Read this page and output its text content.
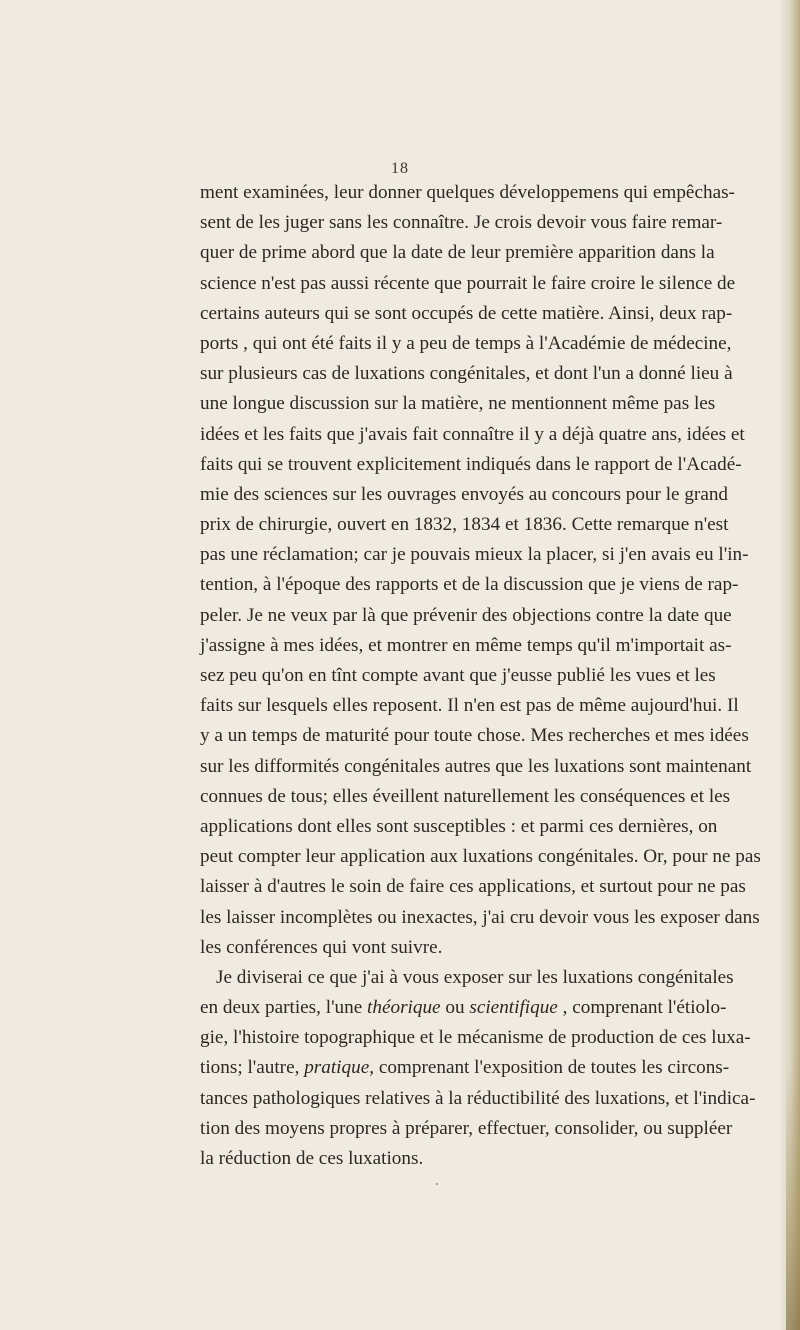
18
ment examinées, leur donner quelques développemens qui empêchas-
sent de les juger sans les connaître. Je crois devoir vous faire remar-
quer de prime abord que la date de leur première apparition dans la
science n'est pas aussi récente que pourrait le faire croire le silence de
certains auteurs qui se sont occupés de cette matière. Ainsi, deux rap-
ports , qui ont été faits il y a peu de temps à l'Académie de médecine,
sur plusieurs cas de luxations congénitales, et dont l'un a donné lieu à
une longue discussion sur la matière, ne mentionnent même pas les
idées et les faits que j'avais fait connaître il y a déjà quatre ans, idées et
faits qui se trouvent explicitement indiqués dans le rapport de l'Acadé-
mie des sciences sur les ouvrages envoyés au concours pour le grand
prix de chirurgie, ouvert en 1832, 1834 et 1836. Cette remarque n'est
pas une réclamation; car je pouvais mieux la placer, si j'en avais eu l'in-
tention, à l'époque des rapports et de la discussion que je viens de rap-
peler. Je ne veux par là que prévenir des objections contre la date que
j'assigne à mes idées, et montrer en même temps qu'il m'importait as-
sez peu qu'on en tînt compte avant que j'eusse publié les vues et les
faits sur lesquels elles reposent. Il n'en est pas de même aujourd'hui. Il
y a un temps de maturité pour toute chose. Mes recherches et mes idées
sur les difformités congénitales autres que les luxations sont maintenant
connues de tous; elles éveillent naturellement les conséquences et les
applications dont elles sont susceptibles : et parmi ces dernières, on
peut compter leur application aux luxations congénitales. Or, pour ne pas
laisser à d'autres le soin de faire ces applications, et surtout pour ne pas
les laisser incomplètes ou inexactes, j'ai cru devoir vous les exposer dans
les conférences qui vont suivre.
Je diviserai ce que j'ai à vous exposer sur les luxations congénitales
en deux parties, l'une théorique ou scientifique , comprenant l'étiolo-
gie, l'histoire topographique et le mécanisme de production de ces luxa-
tions; l'autre, pratique, comprenant l'exposition de toutes les circons-
tances pathologiques relatives à la réductibilité des luxations, et l'indica-
tion des moyens propres à préparer, effectuer, consolider, ou suppléer
la réduction de ces luxations.
